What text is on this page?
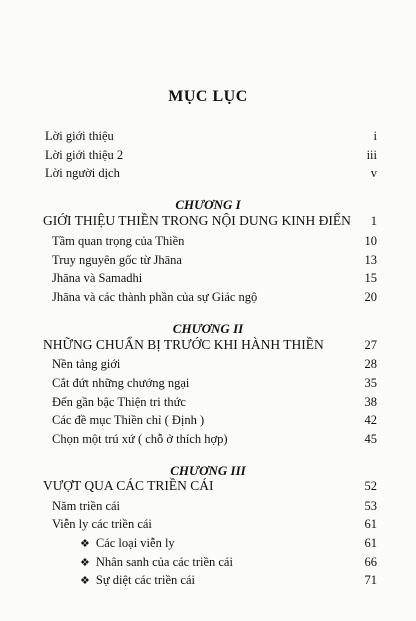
MỤC LỤC
Lời giới thiệu	i
Lời giới thiệu 2	iii
Lời người dịch	v
CHƯƠNG I
GIỚI THIỆU THIỀN TRONG NỘI DUNG KINH ĐIỂN	1
Tầm quan trọng của Thiền	10
Truy nguyên gốc từ Jhāna	13
Jhāna và Samadhi	15
Jhāna và các thành phần của sự Giác ngộ	20
CHƯƠNG II
NHỮNG CHUẨN BỊ TRƯỚC KHI HÀNH THIỀN	27
Nền tảng giới	28
Cắt đứt những chướng ngại	35
Đến gần bậc Thiện tri thức	38
Các đề mục Thiền chỉ ( Định )	42
Chọn một trú xứ ( chỗ ở thích hợp)	45
CHƯƠNG III
VƯỢT QUA CÁC TRIỀN CÁI	52
Năm triền cái	53
Viễn ly các triền cái	61
❖ Các loại viễn ly	61
❖ Nhân sanh của các triền cái	66
❖ Sự diệt các triền cái	71
